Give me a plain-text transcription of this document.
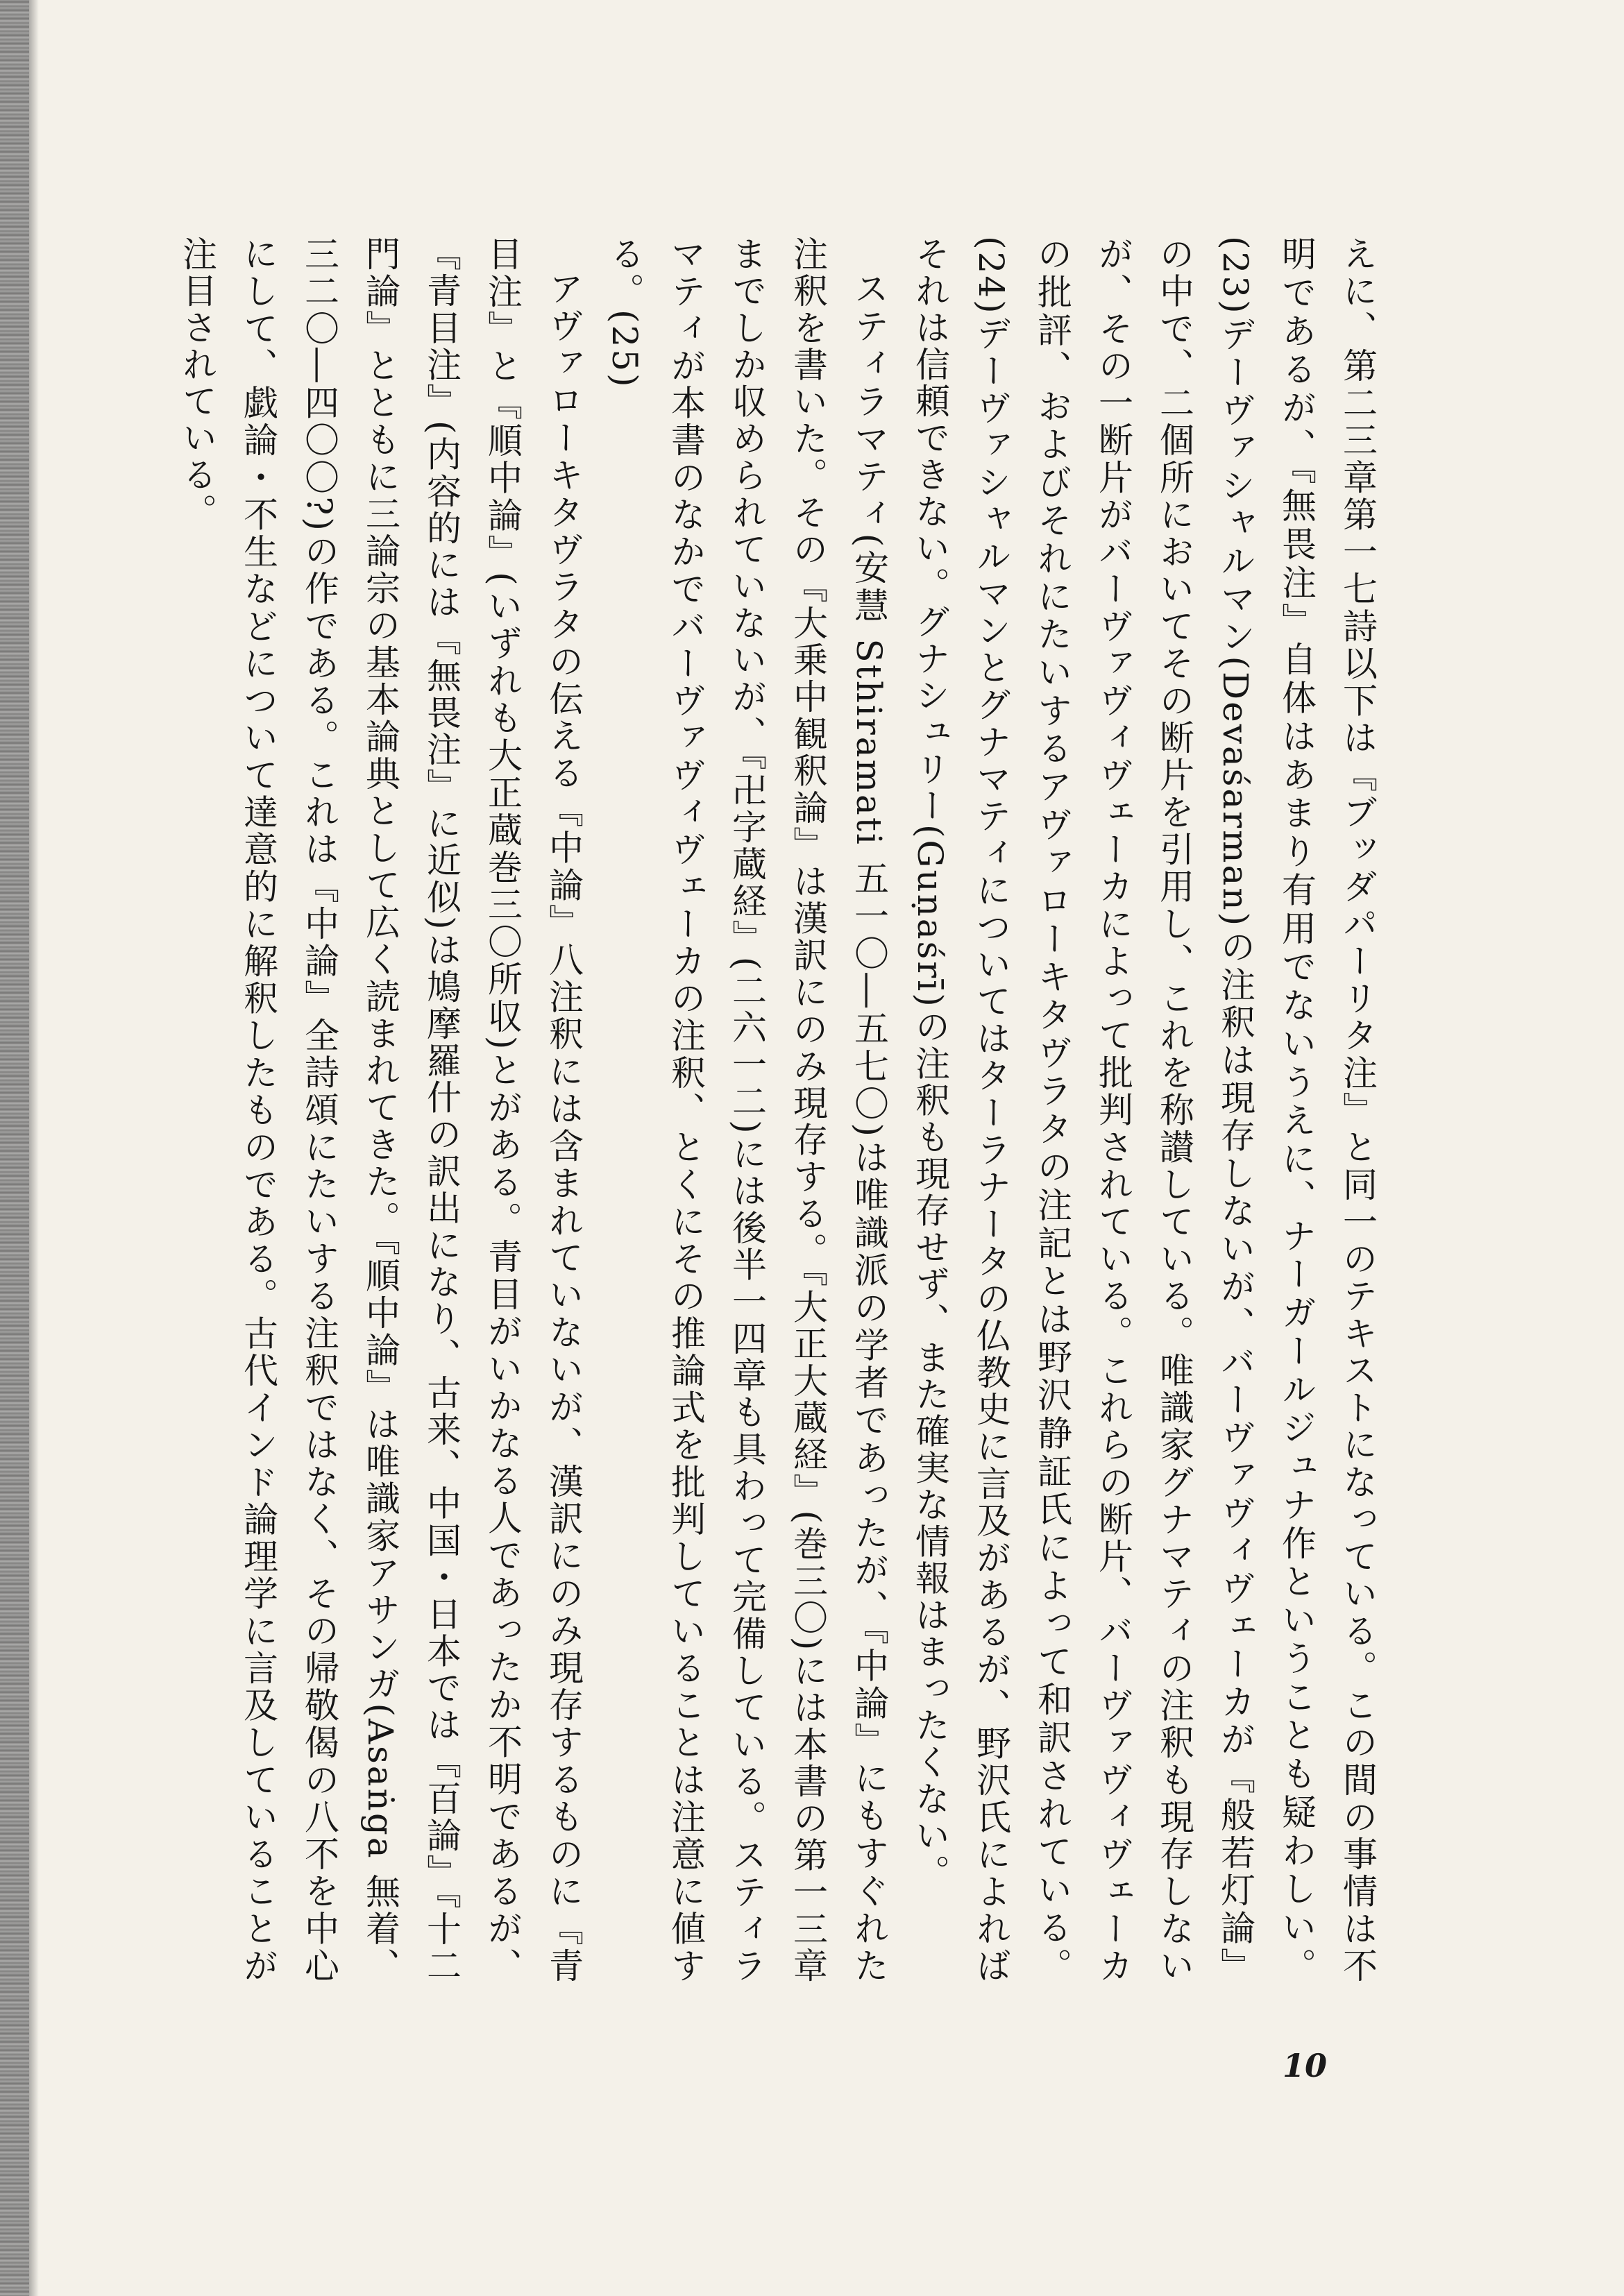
えに、第二三章第一七詩以下は『ブッダパーリタ注』と同一のテキストになっている。この間の事情は不明であるが、『無畏注』自体はあまり有用でないうえに、ナーガールジュナ作ということも疑わしい。(23)デーヴァシャルマン(Devaśarman)の注釈は現存しないが、バーヴァヴィヴェーカが『般若灯論』の中で、二個所においてその断片を引用し、これを称讃している。唯識家グナマティの注釈も現存しないが、その一断片がバーヴァヴィヴェーカによって批判されている。これらの断片、バーヴァヴィヴェーカの批評、およびそれにたいするアヴァローキタヴラタの注記とは野沢静証氏によって和訳されている。(24)デーヴァシャルマンとグナマティについてはターラナータの仏教史に言及があるが、野沢氏によればそれは信頼できない。グナシュリー(Guṇaśrī)の注釈も現存せず、また確実な情報はまったくない。

スティラマティ(安慧 Sthiramati 五一〇―五七〇)は唯識派の学者であったが、『中論』にもすぐれた注釈を書いた。その『大乗中観釈論』は漢訳にのみ現存する。『大正大蔵経』(巻三〇)には本書の第一三章までしか収められていないが、『卍字蔵経』(二六一二)には後半一四章も具わって完備している。スティラマティが本書のなかでバーヴァヴィヴェーカの注釈、とくにその推論式を批判していることは注意に値する。(25)

アヴァローキタヴラタの伝える『中論』八注釈には含まれていないが、漢訳にのみ現存するものに『青目注』と『順中論』(いずれも大正蔵巻三〇所収)とがある。青目がいかなる人であったか不明であるが、『青目注』(内容的には『無畏注』に近似)は鳩摩羅什の訳出になり、古来、中国・日本では『百論』『十二門論』とともに三論宗の基本論典として広く読まれてきた。『順中論』は唯識家アサンガ(Asaṅga 無着、三二〇―四〇〇?)の作である。これは『中論』全詩頌にたいする注釈ではなく、その帰敬偈の八不を中心にして、戯論・不生などについて達意的に解釈したものである。古代インド論理学に言及していることが注目されている。

10
